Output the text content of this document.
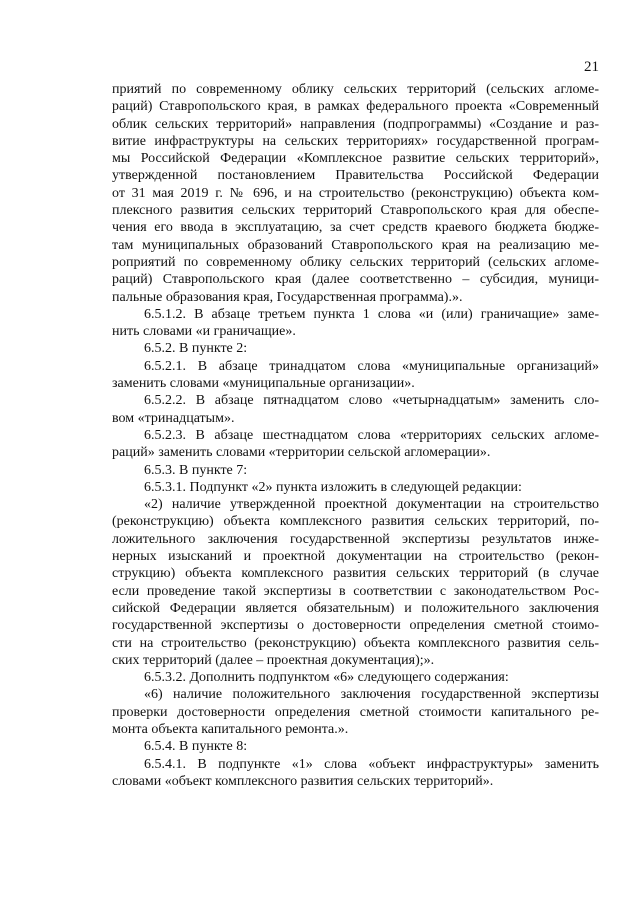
21
приятий по современному облику сельских территорий (сельских агломе-
раций) Ставропольского края, в рамках федерального проекта «Современный
облик сельских территорий» направления (подпрограммы) «Создание и раз-
витие инфраструктуры на сельских территориях» государственной програм-
мы Российской Федерации «Комплексное развитие сельских территорий»,
утвержденной постановлением Правительства Российской Федерации
от 31 мая 2019 г. № 696, и на строительство (реконструкцию) объекта ком-
плексного развития сельских территорий Ставропольского края для обеспе-
чения его ввода в эксплуатацию, за счет средств краевого бюджета бюджe-
там муниципальных образований Ставропольского края на реализацию ме-
роприятий по современному облику сельских территорий (сельских агломе-
раций) Ставропольского края (далее соответственно – субсидия, муници-
пальные образования края, Государственная программа).».
6.5.1.2. В абзаце третьем пункта 1 слова «и (или) граничащие» заме-
нить словами «и граничащие».
6.5.2. В пункте 2:
6.5.2.1. В абзаце тринадцатом слова «муниципальные организаций»
заменить словами «муниципальные организации».
6.5.2.2. В абзаце пятнадцатом слово «четырнадцатым» заменить сло-
вом «тринадцатым».
6.5.2.3. В абзаце шестнадцатом слова «территориях сельских агломе-
раций» заменить словами «территории сельской агломерации».
6.5.3. В пункте 7:
6.5.3.1. Подпункт «2» пункта изложить в следующей редакции:
«2) наличие утвержденной проектной документации на строительство
(реконструкцию) объекта комплексного развития сельских территорий, по-
ложительного заключения государственной экспертизы результатов инже-
нерных изысканий и проектной документации на строительство (рекон-
струкцию) объекта комплексного развития сельских территорий (в случае
если проведение такой экспертизы в соответствии с законодательством Рос-
сийской Федерации является обязательным) и положительного заключения
государственной экспертизы о достоверности определения сметной стоимо-
сти на строительство (реконструкцию) объекта комплексного развития сель-
ских территорий (далее – проектная документация);».
6.5.3.2. Дополнить подпунктом «6» следующего содержания:
«6) наличие положительного заключения государственной экспертизы
проверки достоверности определения сметной стоимости капитального ре-
монта объекта капитального ремонта.».
6.5.4. В пункте 8:
6.5.4.1. В подпункте «1» слова «объект инфраструктуры» заменить
словами «объект комплексного развития сельских территорий».
